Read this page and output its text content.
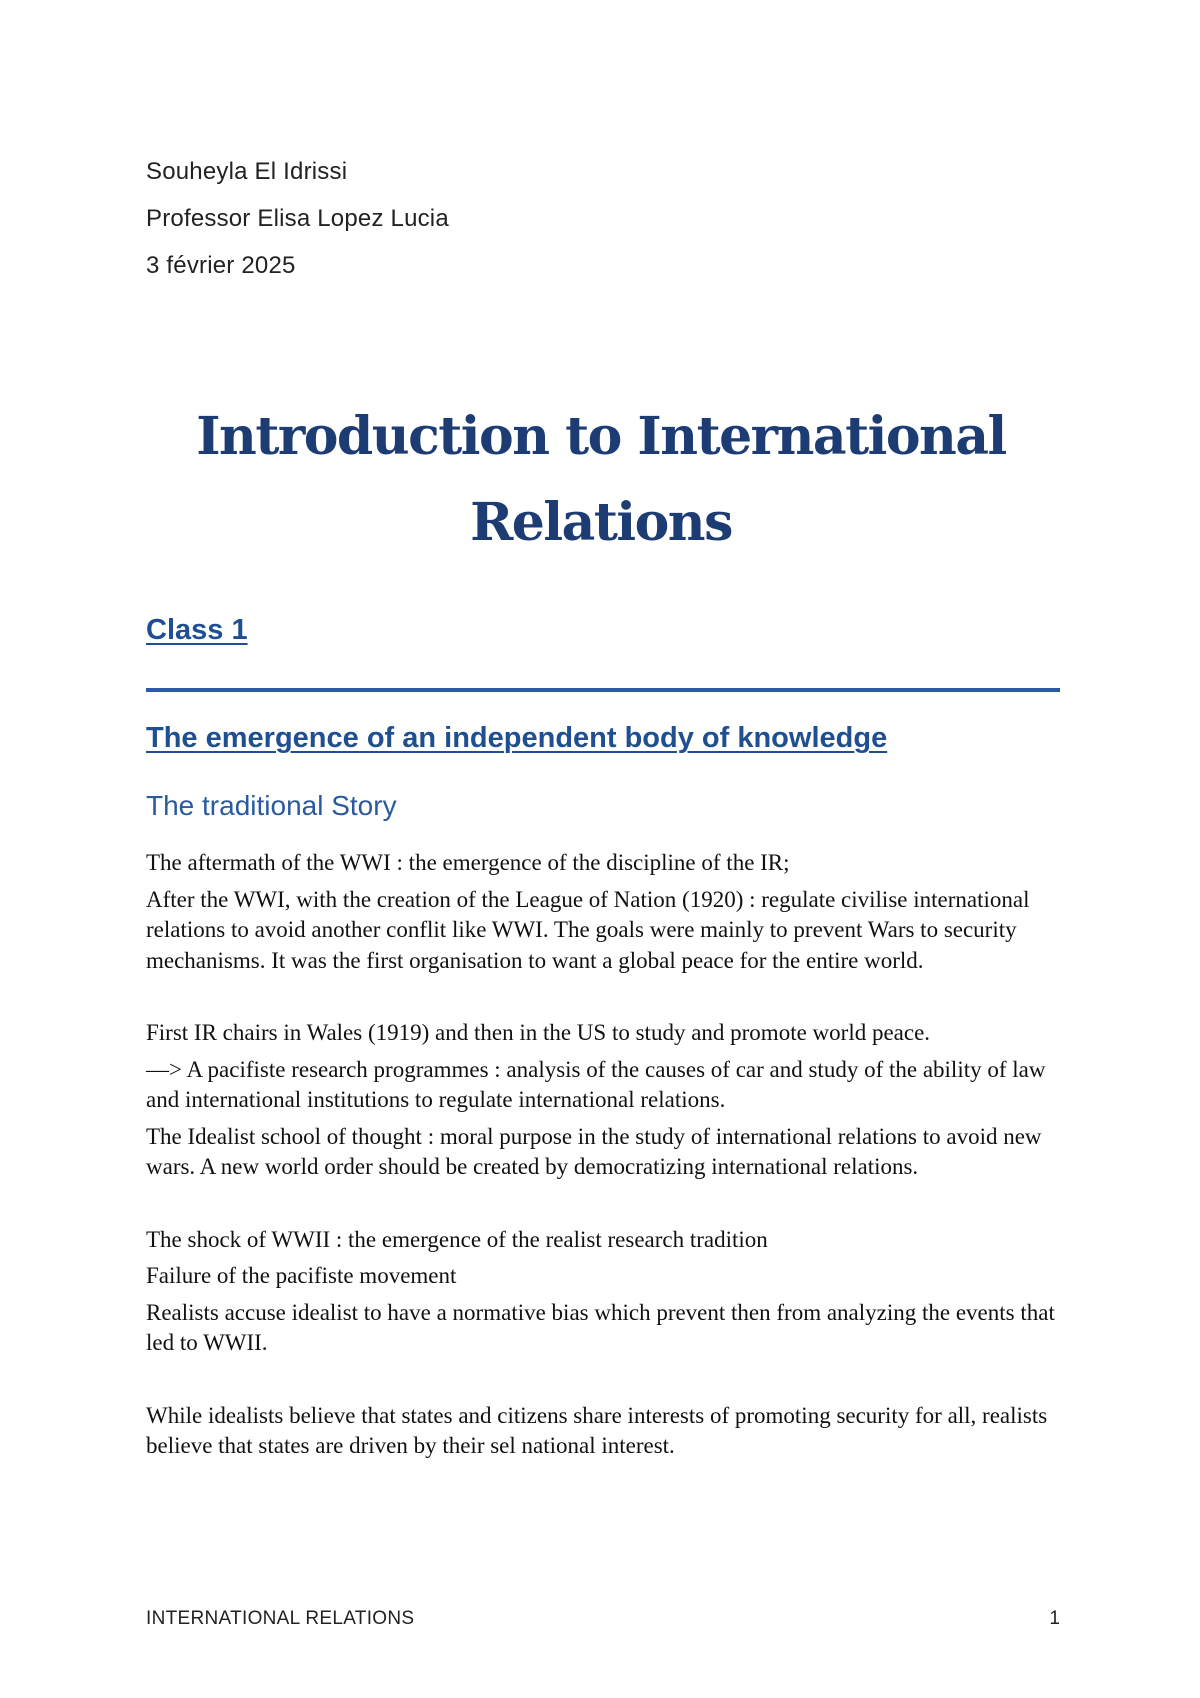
Souheyla El Idrissi
Professor Elisa Lopez Lucia
3 février 2025
Introduction to International
Relations
Class 1
The emergence of an independent body of knowledge
The traditional Story

The aftermath of the WWI : the emergence of the discipline of the IR;

After the WWI, with the creation of the League of Nation (1920) : regulate civilise international relations to avoid another conflit like WWI. The goals were mainly to prevent Wars to security mechanisms. It was the first organisation to want a global peace for the entire world.

First IR chairs in Wales (1919) and then in the US to study and promote world peace.

—> A pacifiste research programmes : analysis of the causes of car and study of the ability of law and international institutions to regulate international relations.

The Idealist school of thought : moral purpose in the study of international relations to avoid new wars. A new world order should be created by democratizing international relations.

The shock of WWII : the emergence of the realist research tradition

Failure of the pacifiste movement

Realists accuse idealist to have a normative bias which prevent then from analyzing the events that led to WWII.

While idealists believe that states and citizens share interests of promoting security for all, realists believe that states are driven by their sel national interest.

INTERNATIONAL RELATIONS	1
